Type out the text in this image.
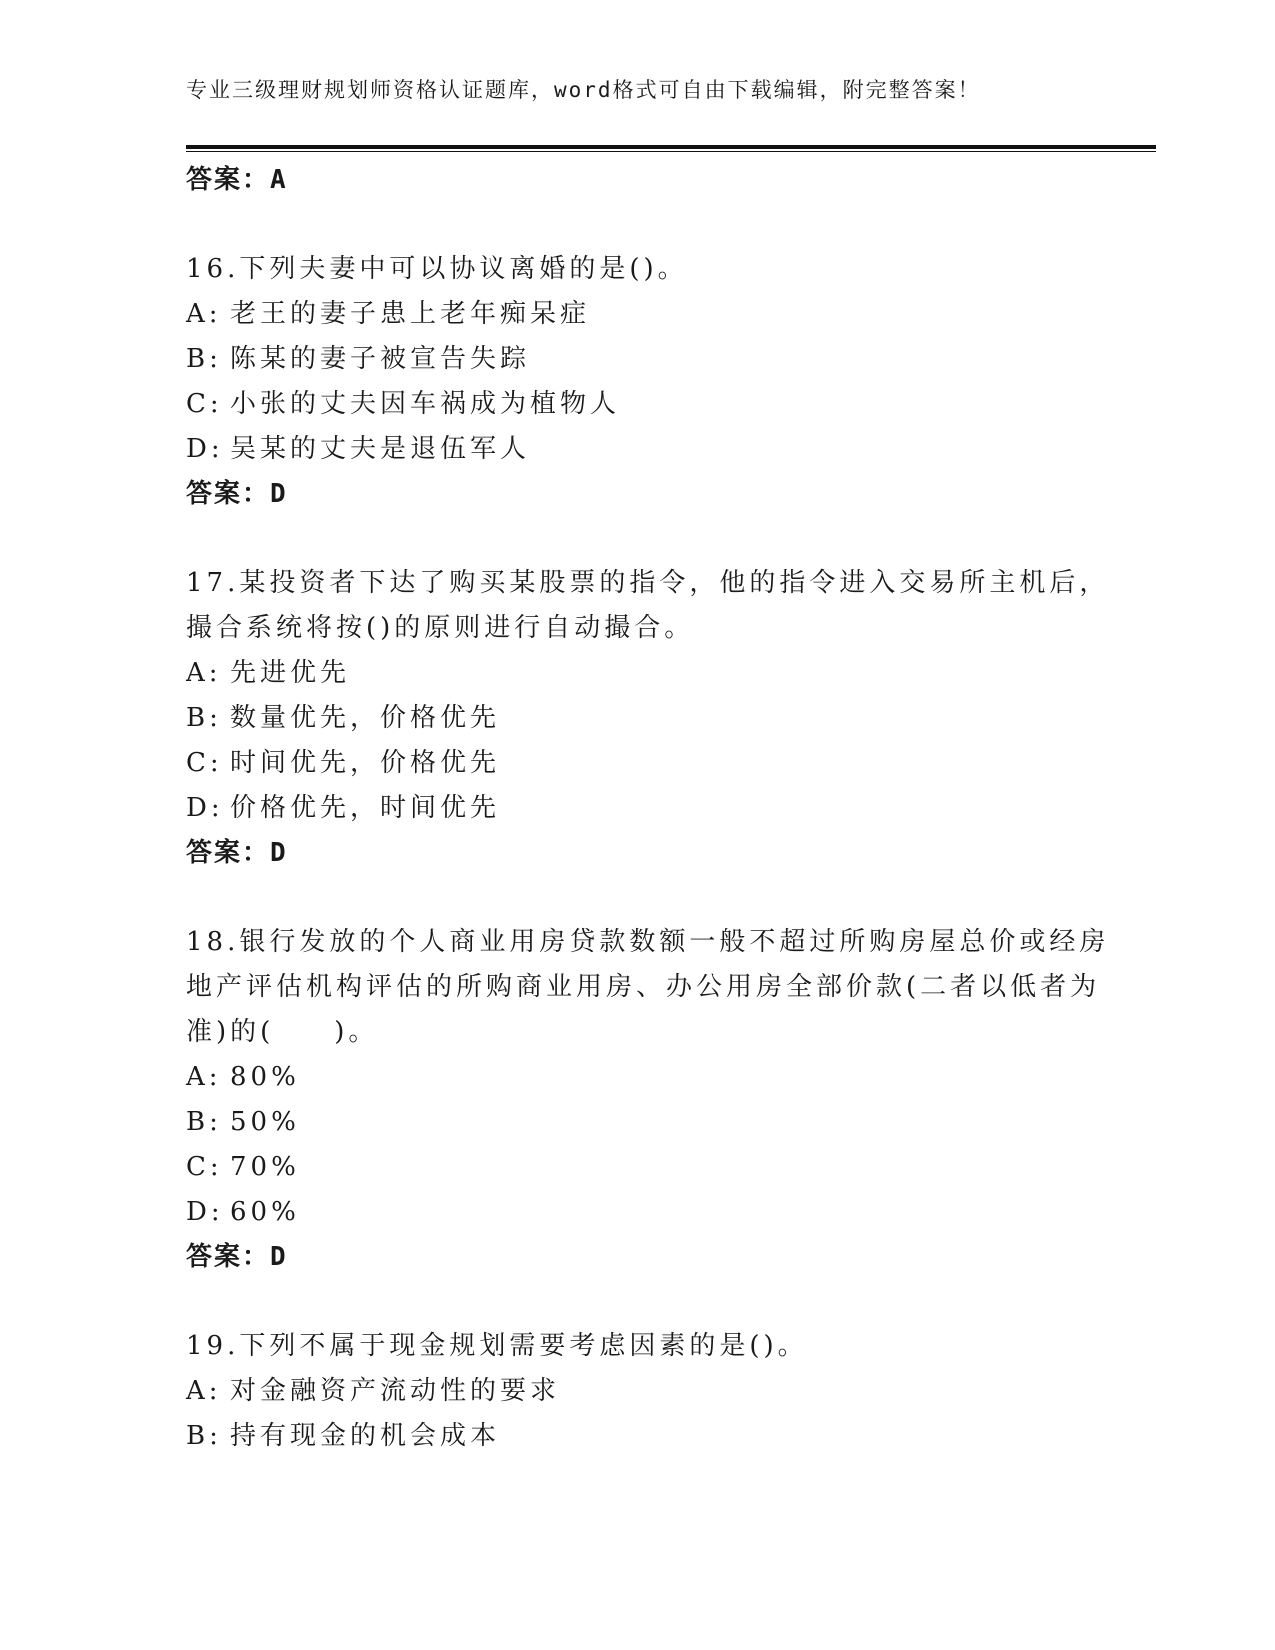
专业三级理财规划师资格认证题库，word格式可自由下载编辑，附完整答案！
答案：A
16.下列夫妻中可以协议离婚的是()。
A: 老王的妻子患上老年痴呆症
B: 陈某的妻子被宣告失踪
C: 小张的丈夫因车祸成为植物人
D: 吴某的丈夫是退伍军人
答案：D
17.某投资者下达了购买某股票的指令，他的指令进入交易所主机后，
撮合系统将按()的原则进行自动撮合。
A: 先进优先
B: 数量优先，价格优先
C: 时间优先，价格优先
D: 价格优先，时间优先
答案：D
18.银行发放的个人商业用房贷款数额一般不超过所购房屋总价或经房
地产评估机构评估的所购商业用房、办公用房全部价款(二者以低者为
准)的(　　)。
A: 80%
B: 50%
C: 70%
D: 60%
答案：D
19.下列不属于现金规划需要考虑因素的是()。
A: 对金融资产流动性的要求
B: 持有现金的机会成本
